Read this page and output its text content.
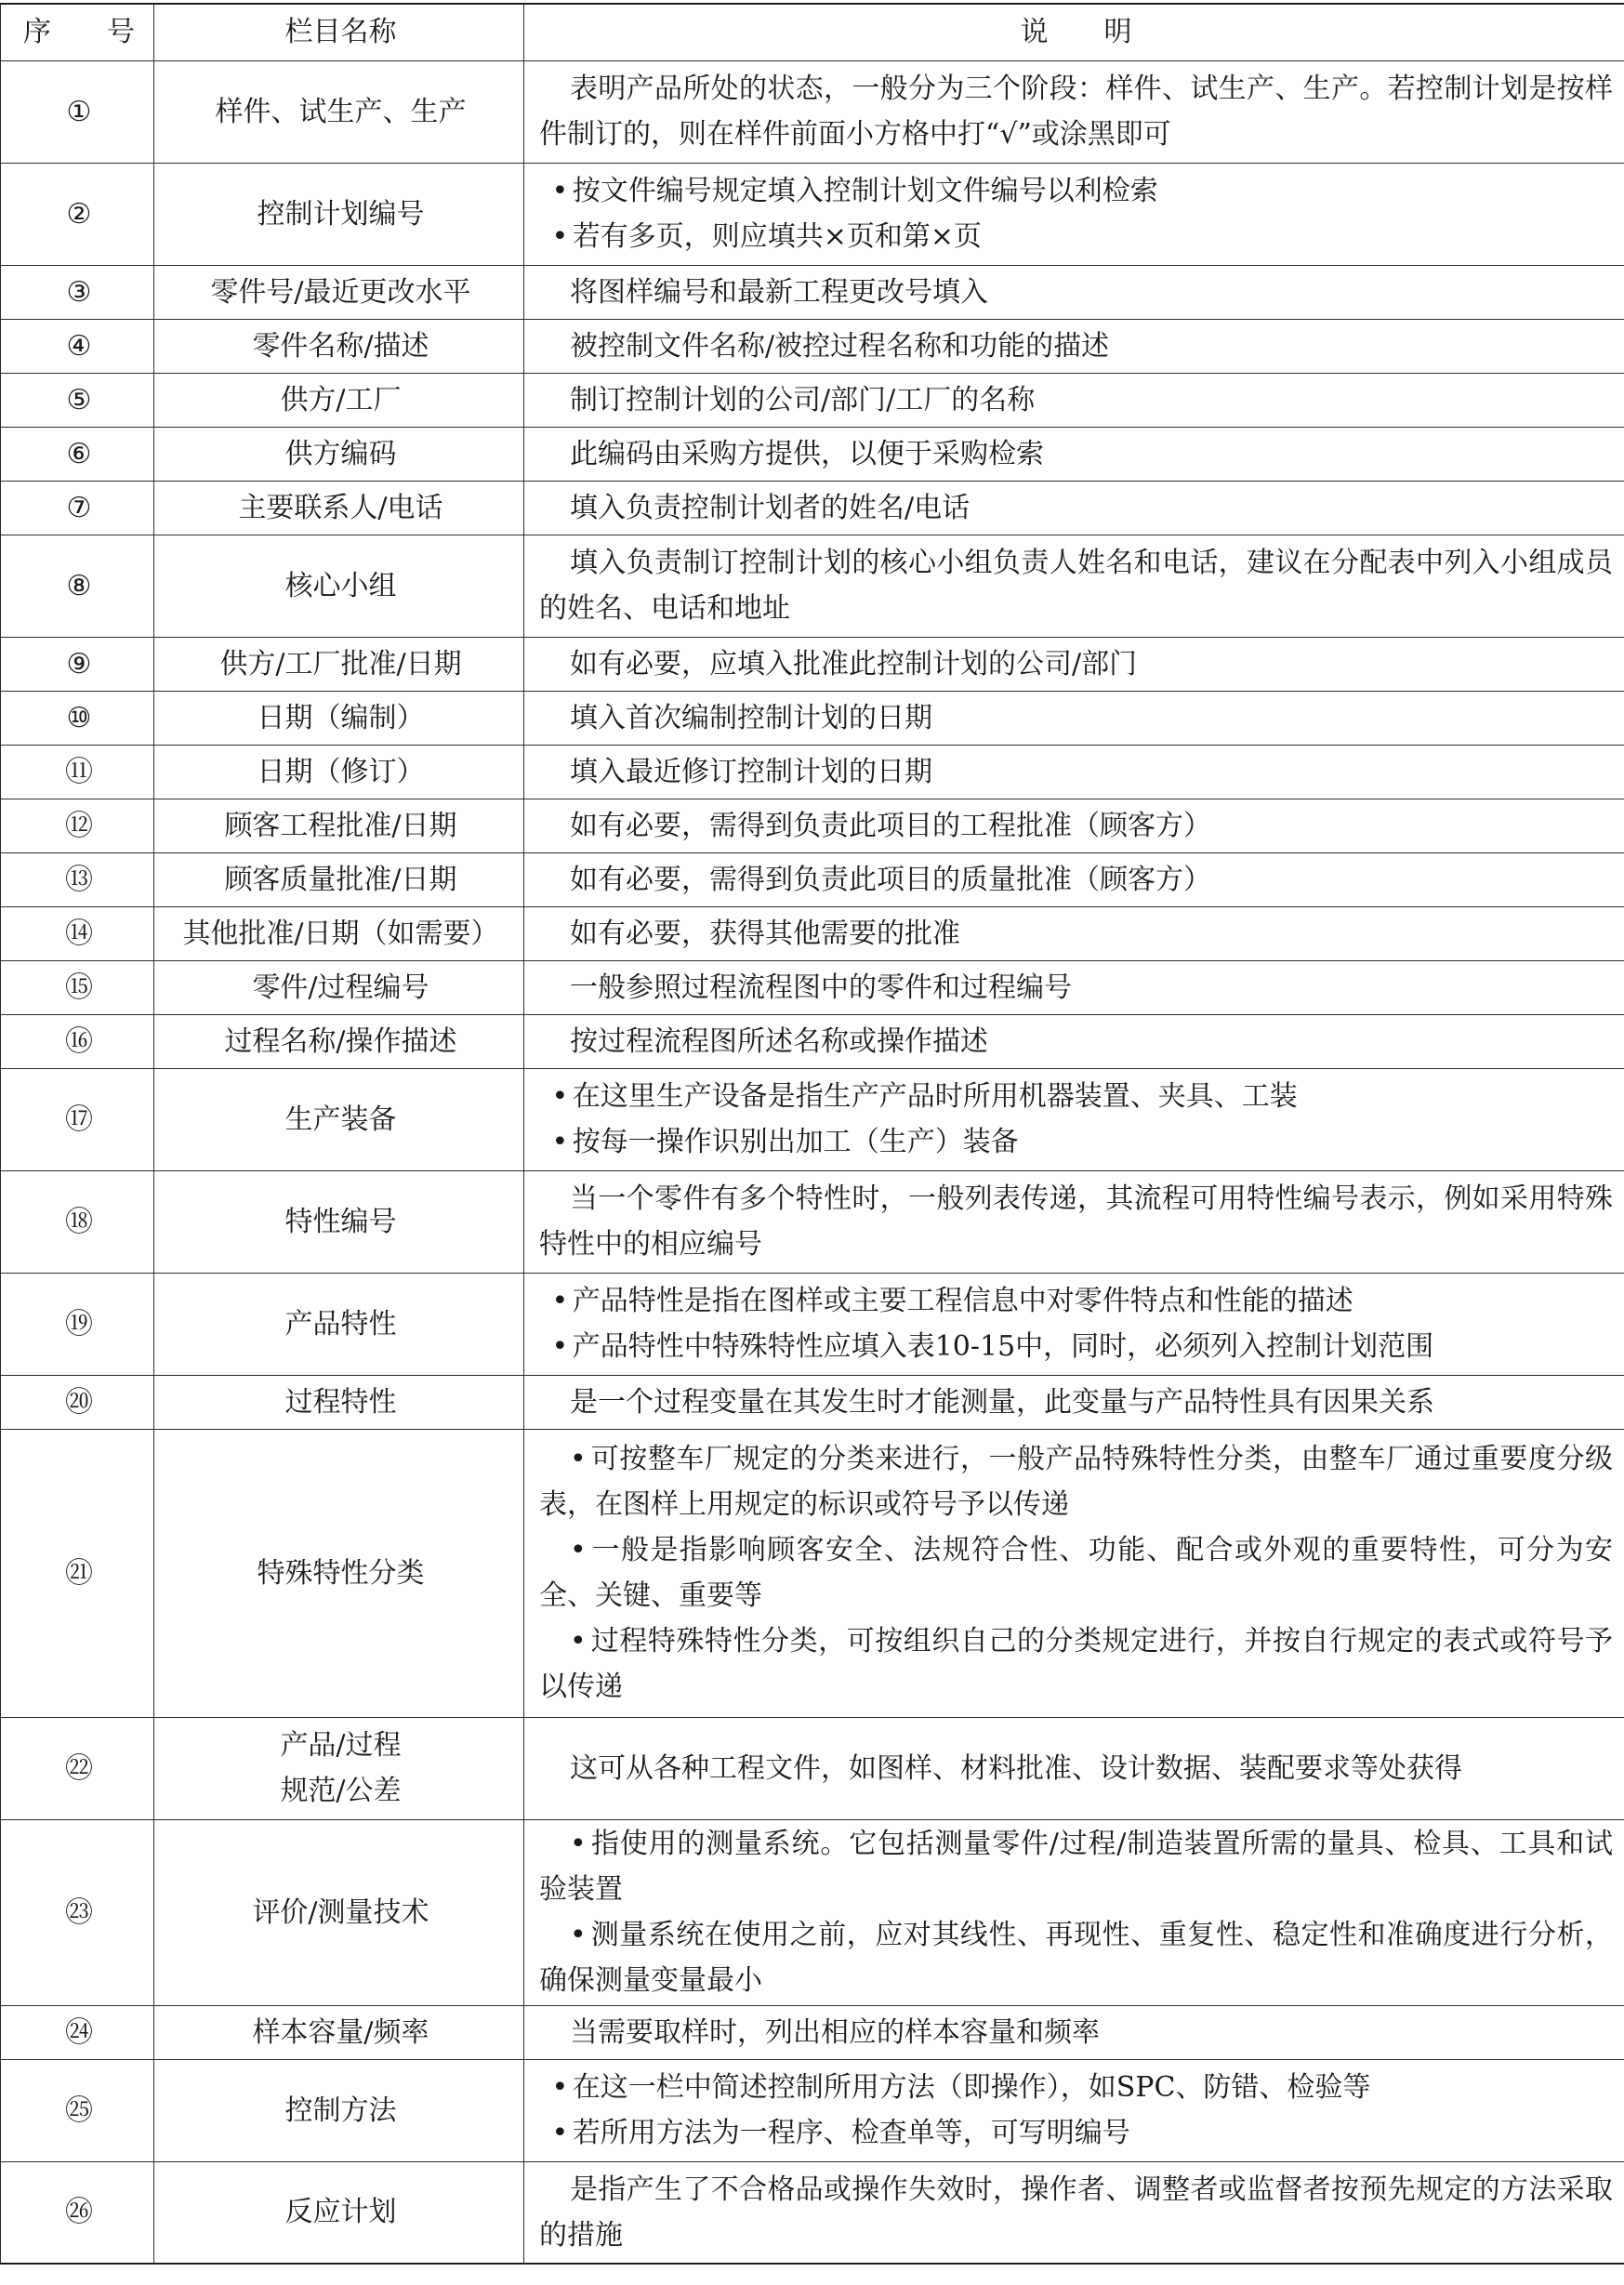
序　　号	栏目名称	说　　明
①	样件、试生产、生产	表明产品所处的状态，一般分为三个阶段：样件、试生产、生产。若控制计划是按样件制订的，则在样件前面小方格中打“√”或涂黑即可

②	控制计划编号	• 按文件编号规定填入控制计划文件编号以利检索
• 若有多页，则应填共×页和第×页

③	零件号/最近更改水平	将图样编号和最新工程更改号填入

④	零件名称/描述	被控制文件名称/被控过程名称和功能的描述

⑤	供方/工厂	制订控制计划的公司/部门/工厂的名称

⑥	供方编码	此编码由采购方提供，以便于采购检索

⑦	主要联系人/电话	填入负责控制计划者的姓名/电话

⑧	核心小组	填入负责制订控制计划的核心小组负责人姓名和电话，建议在分配表中列入小组成员的姓名、电话和地址

⑨	供方/工厂批准/日期	如有必要，应填入批准此控制计划的公司/部门

⑩	日期（编制）	填入首次编制控制计划的日期

⑪	日期（修订）	填入最近修订控制计划的日期

⑫	顾客工程批准/日期	如有必要，需得到负责此项目的工程批准（顾客方）

⑬	顾客质量批准/日期	如有必要，需得到负责此项目的质量批准（顾客方）

⑭	其他批准/日期（如需要）	如有必要，获得其他需要的批准

⑮	零件/过程编号	一般参照过程流程图中的零件和过程编号

⑯	过程名称/操作描述	按过程流程图所述名称或操作描述

⑰	生产装备	• 在这里生产设备是指生产产品时所用机器装置、夹具、工装
• 按每一操作识别出加工（生产）装备

⑱	特性编号	当一个零件有多个特性时，一般列表传递，其流程可用特性编号表示，例如采用特殊特性中的相应编号

⑲	产品特性	• 产品特性是指在图样或主要工程信息中对零件特点和性能的描述
• 产品特性中特殊特性应填入表10-15中，同时，必须列入控制计划范围

⑳	过程特性	是一个过程变量在其发生时才能测量，此变量与产品特性具有因果关系

㉑	特殊特性分类	• 可按整车厂规定的分类来进行，一般产品特殊特性分类，由整车厂通过重要度分级表，在图样上用规定的标识或符号予以传递
• 一般是指影响顾客安全、法规符合性、功能、配合或外观的重要特性，可分为安全、关键、重要等
• 过程特殊特性分类，可按组织自己的分类规定进行，并按自行规定的表式或符号予以传递

㉒	产品/过程
规范/公差	这可从各种工程文件，如图样、材料批准、设计数据、装配要求等处获得

㉓	评价/测量技术	• 指使用的测量系统。它包括测量零件/过程/制造装置所需的量具、检具、工具和试验装置
• 测量系统在使用之前，应对其线性、再现性、重复性、稳定性和准确度进行分析，确保测量变量最小

㉔	样本容量/频率	当需要取样时，列出相应的样本容量和频率

㉕	控制方法	• 在这一栏中简述控制所用方法（即操作），如SPC、防错、检验等
• 若所用方法为一程序、检查单等，可写明编号

㉖	反应计划	是指产生了不合格品或操作失效时，操作者、调整者或监督者按预先规定的方法采取的措施
